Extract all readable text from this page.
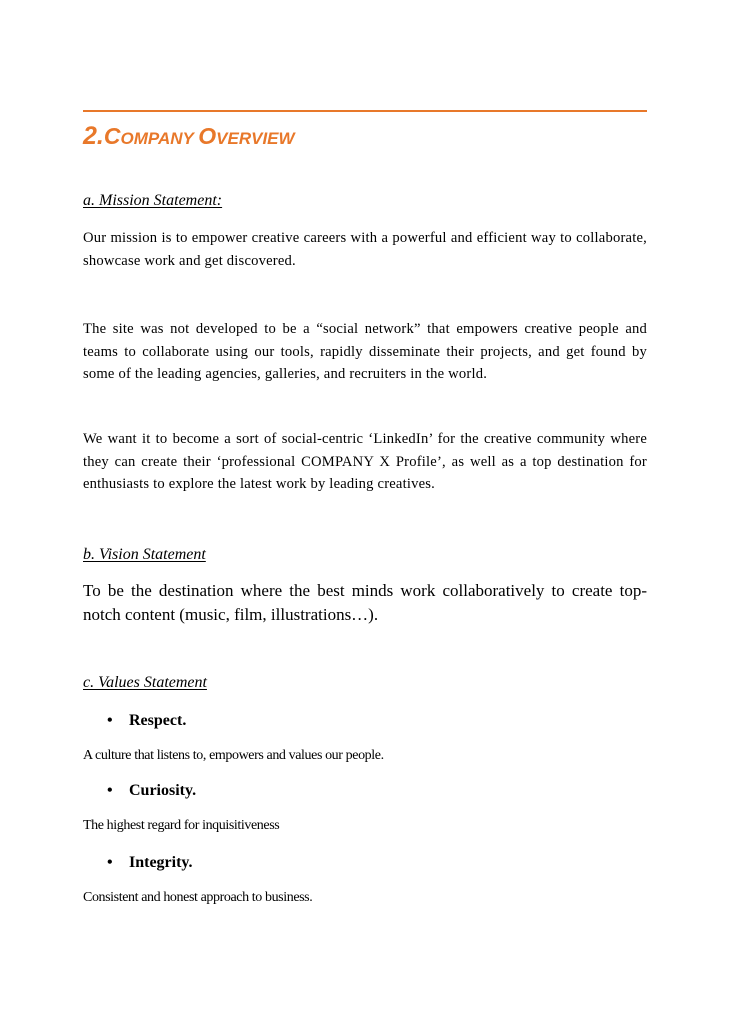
2.COMPANY OVERVIEW
a. Mission Statement:

Our mission is to empower creative careers with a powerful and efficient way to collaborate, showcase work and get discovered.

The site was not developed to be a “social network” that empowers creative people and teams to collaborate using our tools, rapidly disseminate their projects, and get found by some of the leading agencies, galleries, and recruiters in the world.

We want it to become a sort of social-centric ‘LinkedIn’ for the creative community where they can create their ‘professional COMPANY X Profile’, as well as a top destination for enthusiasts to explore the latest work by leading creatives.

b. Vision Statement

To be the destination where the best minds work collaboratively to create top-notch content (music, film, illustrations…).

c. Values Statement

• Respect.

A culture that listens to, empowers and values our people.

• Curiosity.

The highest regard for inquisitiveness

• Integrity.

Consistent and honest approach to business.
